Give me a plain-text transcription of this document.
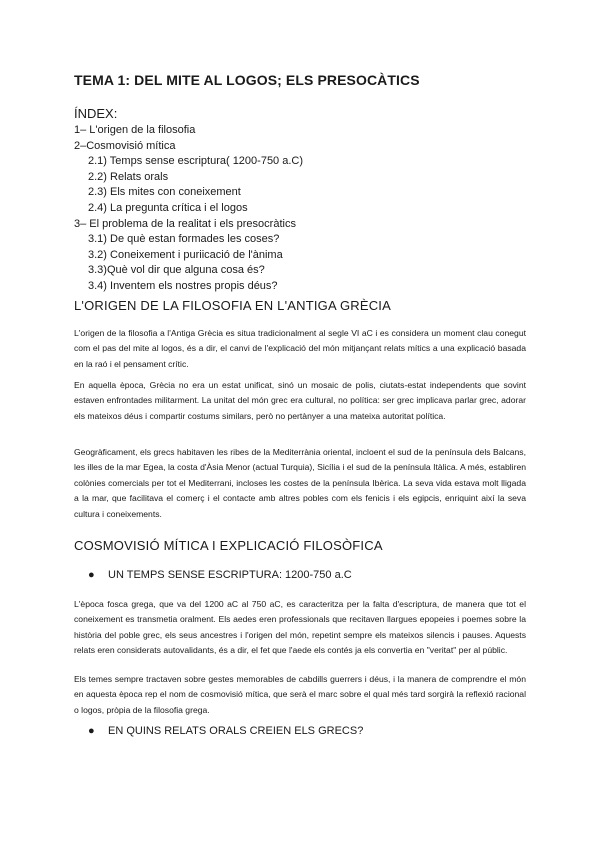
TEMA 1: DEL MITE AL LOGOS; ELS PRESOCÀTICS
ÍNDEX:
1– L'origen de la filosofia
2–Cosmovisió mítica
2.1) Temps sense escriptura( 1200-750 a.C)
2.2) Relats orals
2.3) Els mites con coneixement
2.4) La pregunta crítica i el logos
3– El problema de la realitat i els presocràtics
3.1) De què estan formades les coses?
3.2) Coneixement i puriicació de l'ànima
3.3)Què vol dir que alguna cosa és?
3.4) Inventem els nostres propis déus?
L'ORIGEN DE LA FILOSOFIA EN L'ANTIGA GRÈCIA
L'origen de la filosofia a l'Antiga Grècia es situa tradicionalment al segle VI aC i es considera un moment clau conegut com el pas del mite al logos, és a dir, el canvi de l'explicació del món mitjançant relats mítics a una explicació basada en la raó i el pensament crític.
En aquella època, Grècia no era un estat unificat, sinó un mosaic de polis, ciutats-estat independents que sovint estaven enfrontades militarment. La unitat del món grec era cultural, no política: ser grec implicava parlar grec, adorar els mateixos déus i compartir costums similars, però no pertànyer a una mateixa autoritat política.
Geogràficament, els grecs habitaven les ribes de la Mediterrània oriental, incloent el sud de la península dels Balcans, les illes de la mar Egea, la costa d'Àsia Menor (actual Turquia), Sicília i el sud de la península Itàlica. A més, establiren colònies comercials per tot el Mediterrani, incloses les costes de la península Ibèrica. La seva vida estava molt lligada a la mar, que facilitava el comerç i el contacte amb altres pobles com els fenicis i els egipcis, enriquint així la seva cultura i coneixements.
COSMOVISIÓ MÍTICA I EXPLICACIÓ FILOSÒFICA
● UN TEMPS SENSE ESCRIPTURA: 1200-750 a.C
L'època fosca grega, que va del 1200 aC al 750 aC, es caracteritza per la falta d'escriptura, de manera que tot el coneixement es transmetia oralment. Els aedes eren professionals que recitaven llargues epopeies i poemes sobre la història del poble grec, els seus ancestres i l'origen del món, repetint sempre els mateixos silencis i pauses. Aquests relats eren considerats autovalidants, és a dir, el fet que l'aede els contés ja els convertia en "veritat" per al públic.
Els temes sempre tractaven sobre gestes memorables de cabdills guerrers i déus, i la manera de comprendre el món en aquesta època rep el nom de cosmovisió mítica, que serà el marc sobre el qual més tard sorgirà la reflexió racional o logos, pròpia de la filosofia grega.
● EN QUINS RELATS ORALS CREIEN ELS GRECS?
